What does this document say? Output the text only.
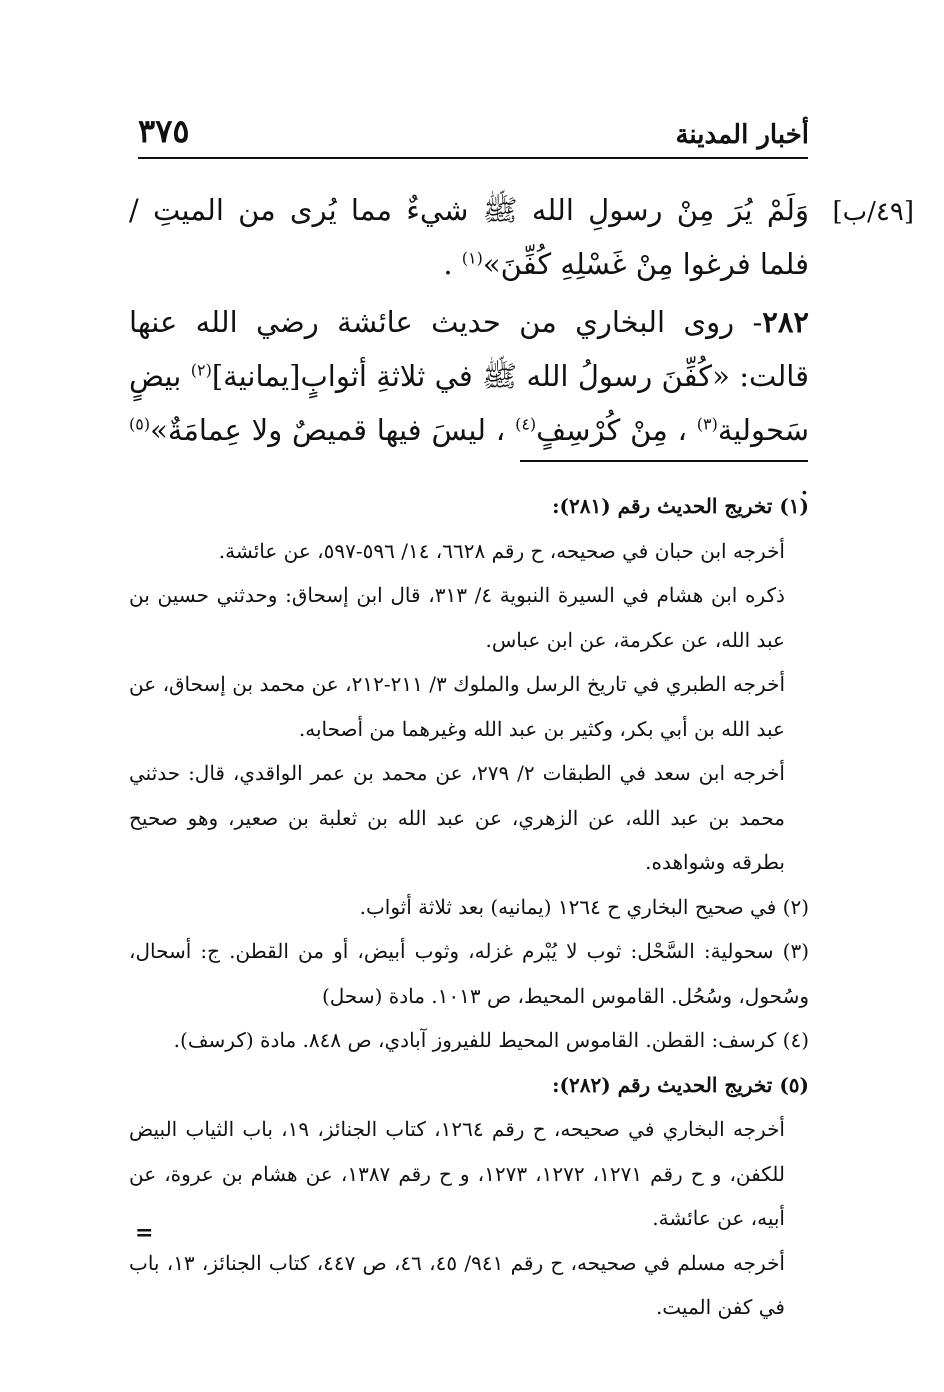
أخبار المدينة
٣٧٥
[٤٩/ب]

وَلَمْ يُرَ مِنْ رسولِ الله ﷺ شيءٌ مما يُرى من الميتِ / فلما فرغوا مِنْ غَسْلِهِ كُفِّنَ»$^{(١)}$ .

٢٨٢- روى البخاري من حديث عائشة رضي الله عنها قالت: «كُفِّنَ رسولُ الله ﷺ في ثلاثةِ أثوابٍ[يمانية]$^{(٢)}$ بيضٍ سَحولية$^{(٣)}$ ، مِنْ كُرْسِفٍ$^{(٤)}$ ، ليسَ فيها قميصٌ ولا عِمامَةٌ»$^{(٥)}$ .

(١) تخريج الحديث رقم (٢٨١):

أخرجه ابن حبان في صحيحه، ح رقم ٦٦٢٨، ١٤/ ٥٩٦-٥٩٧، عن عائشة.

ذكره ابن هشام في السيرة النبوية ٤/ ٣١٣، قال ابن إسحاق: وحدثني حسين بن عبد الله، عن عكرمة، عن ابن عباس.

أخرجه الطبري في تاريخ الرسل والملوك ٣/ ٢١١-٢١٢، عن محمد بن إسحاق، عن عبد الله بن أبي بكر، وكثير بن عبد الله وغيرهما من أصحابه.

أخرجه ابن سعد في الطبقات ٢/ ٢٧٩، عن محمد بن عمر الواقدي، قال: حدثني محمد بن عبد الله، عن الزهري، عن عبد الله بن ثعلبة بن صعير، وهو صحيح بطرقه وشواهده.

(٢) في صحيح البخاري ح ١٢٦٤ (يمانيه) بعد ثلاثة أثواب.

(٣) سحولية: السَّحْل: ثوب لا يُبْرم غزله، وثوب أبيض، أو من القطن. ج: أسحال، وسُحول، وسُحُل. القاموس المحيط، ص ١٠١٣. مادة (سحل)

(٤) كرسف: القطن. القاموس المحيط للفيروز آبادي، ص ٨٤٨. مادة (كرسف).

(٥) تخريج الحديث رقم (٢٨٢):

أخرجه البخاري في صحيحه، ح رقم ١٢٦٤، كتاب الجنائز، ١٩، باب الثياب البيض للكفن، و ح رقم ١٢٧١، ١٢٧٢، ١٢٧٣، و ح رقم ١٣٨٧، عن هشام بن عروة، عن أبيه، عن عائشة.

أخرجه مسلم في صحيحه، ح رقم ٩٤١/ ٤٥، ٤٦، ص ٤٤٧، كتاب الجنائز، ١٣، باب في كفن الميت.

=
